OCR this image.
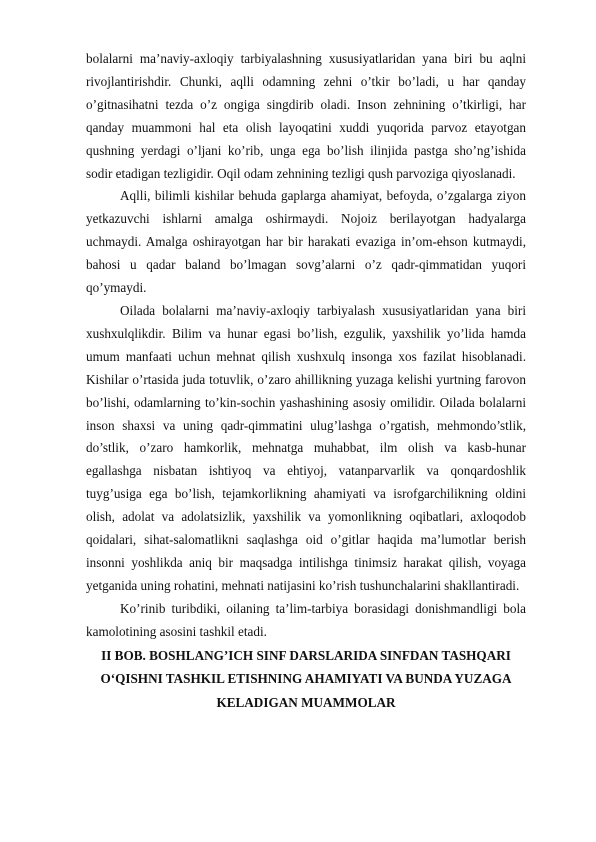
bolalarni ma’naviy-axloqiy tarbiyalashning xususiyatlaridan yana biri bu aqlni rivojlantirishdir. Chunki, aqlli odamning zehni o’tkir bo’ladi, u har qanday o’gitnasihatni tezda o’z ongiga singdirib oladi. Inson zehnining o’tkirligi, har qanday muammoni hal eta olish layoqatini xuddi yuqorida parvoz etayotgan qushning yerdagi o’ljani ko’rib, unga ega bo’lish ilinjida pastga sho’ng’ishida sodir etadigan tezligidir. Oqil odam zehnining tezligi qush parvoziga qiyoslanadi.

Aqlli, bilimli kishilar behuda gaplarga ahamiyat, befoyda, o’zgalarga ziyon yetkazuvchi ishlarni amalga oshirmaydi. Nojoiz berilayotgan hadyalarga uchmaydi. Amalga oshirayotgan har bir harakati evaziga in’om-ehson kutmaydi, bahosi u qadar baland bo’lmagan sovg’alarni o’z qadr-qimmatidan yuqori qo’ymaydi.

Oilada bolalarni ma’naviy-axloqiy tarbiyalash xususiyatlaridan yana biri xushxulqlikdir. Bilim va hunar egasi bo’lish, ezgulik, yaxshilik yo’lida hamda umum manfaati uchun mehnat qilish xushxulq insonga xos fazilat hisoblanadi. Kishilar o’rtasida juda totuvlik, o’zaro ahillikning yuzaga kelishi yurtning farovon bo’lishi, odamlarning to’kin-sochin yashashining asosiy omilidir. Oilada bolalarni inson shaxsi va uning qadr-qimmatini ulug’lashga o’rgatish, mehmondo’stlik, do’stlik, o’zaro hamkorlik, mehnatga muhabbat, ilm olish va kasb-hunar egallashga nisbatan ishtiyoq va ehtiyoj, vatanparvarlik va qonqardoshlik tuyg’usiga ega bo’lish, tejamkorlikning ahamiyati va isrofgarchilikning oldini olish, adolat va adolatsizlik, yaxshilik va yomonlikning oqibatlari, axloqodob qoidalari, sihat-salomatlikni saqlashga oid o’gitlar haqida ma’lumotlar berish insonni yoshlikda aniq bir maqsadga intilishga tinimsiz harakat qilish, voyaga yetganida uning rohatini, mehnati natijasini ko’rish tushunchalarini shakllantiradi.

Ko’rinib turibdiki, oilaning ta’lim-tarbiya borasidagi donishmandligi bola kamolotining asosini tashkil etadi.

II BOB. BOSHLANG’ICH SINF DARSLARIDA SINFDAN TASHQARI

O‘QISHNI TASHKIL ETISHNING AHAMIYATI VA BUNDA YUZAGA

KELADIGAN MUAMMOLAR
